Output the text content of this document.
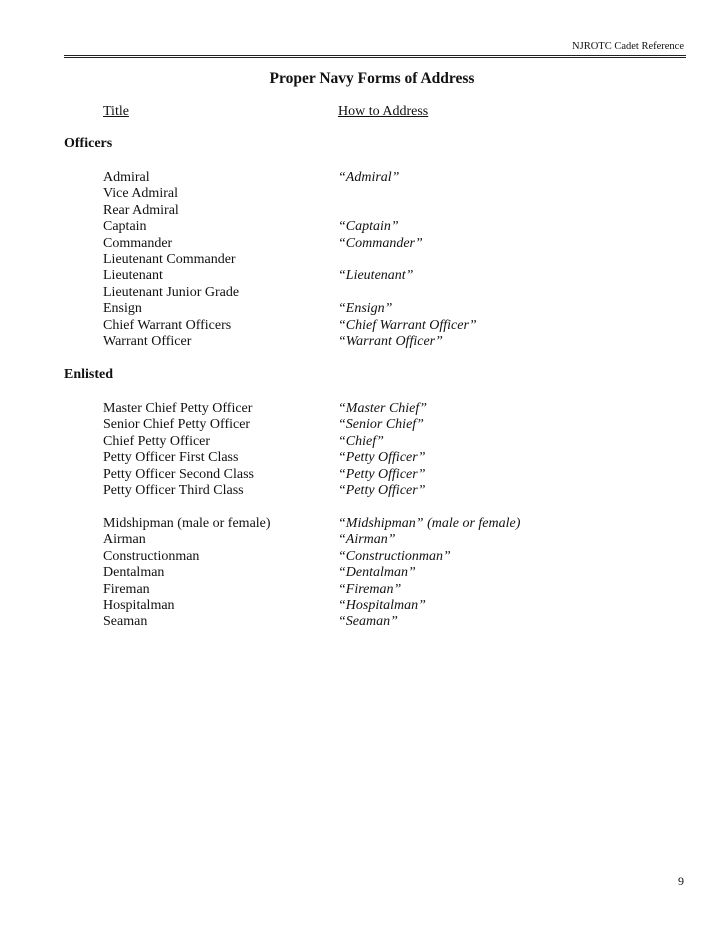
NJROTC Cadet Reference
Proper Navy Forms of Address
Title	How to Address
Officers
Admiral	“Admiral”
Vice Admiral
Rear Admiral
Captain	“Captain”
Commander	“Commander”
Lieutenant Commander
Lieutenant	“Lieutenant”
Lieutenant Junior Grade
Ensign	“Ensign”
Chief Warrant Officers	“Chief Warrant Officer”
Warrant Officer	“Warrant Officer”
Enlisted
Master Chief Petty Officer	“Master Chief”
Senior Chief Petty Officer	“Senior Chief”
Chief Petty Officer	“Chief”
Petty Officer First Class	“Petty Officer”
Petty Officer Second Class	“Petty Officer”
Petty Officer Third Class	“Petty Officer”
Midshipman (male or female)	“Midshipman” (male or female)
Airman	“Airman”
Constructionman	“Constructionman”
Dentalman	“Dentalman”
Fireman	“Fireman”
Hospitalman	“Hospitalman”
Seaman	“Seaman”
9
